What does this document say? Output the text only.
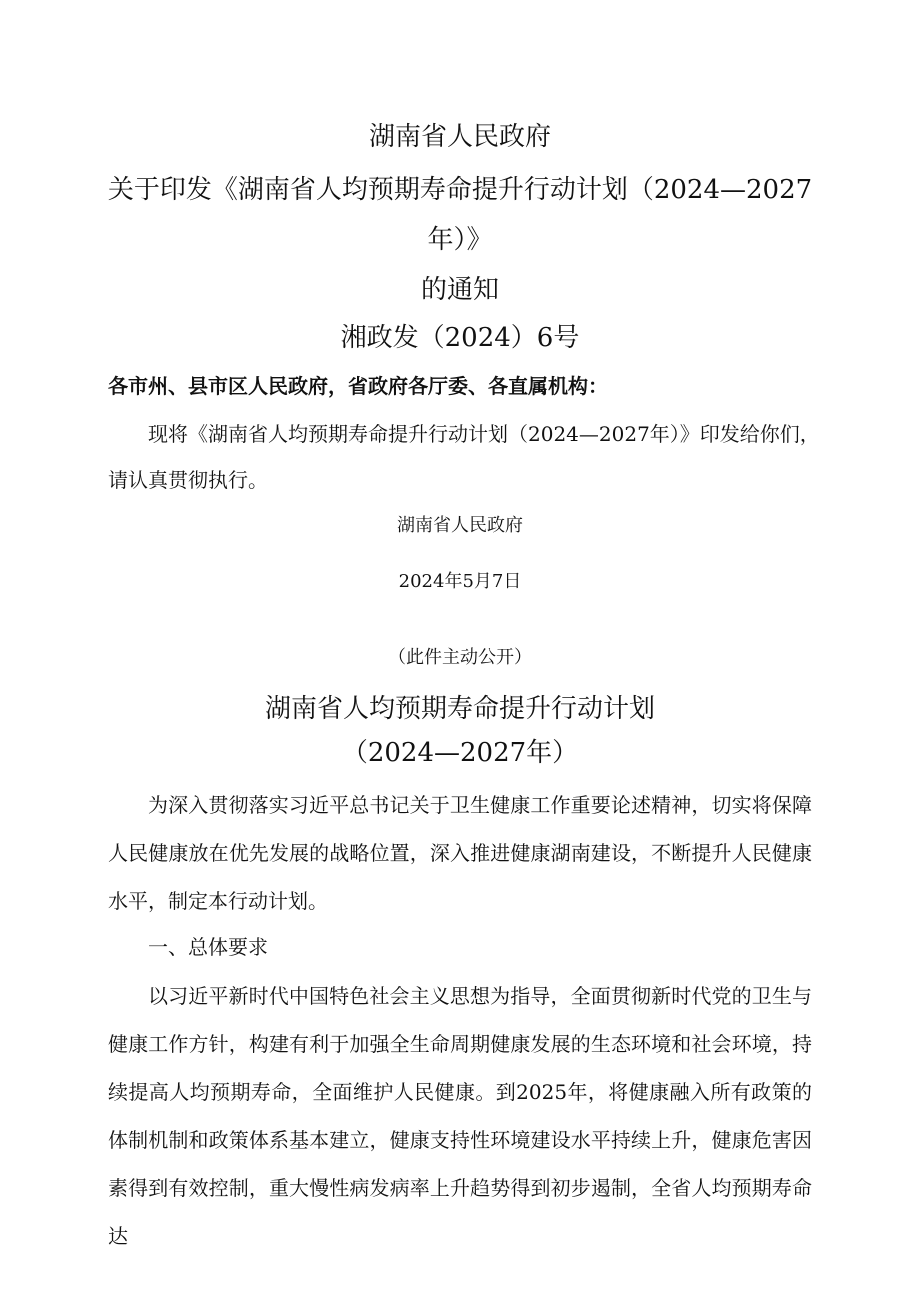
湖南省人民政府
关于印发《湖南省人均预期寿命提升行动计划（2024—2027
年）》
的通知
湘政发（2024）6号
各市州、县市区人民政府，省政府各厅委、各直属机构：
现将《湖南省人均预期寿命提升行动计划（2024—2027年）》印发给你们，
请认真贯彻执行。
湖南省人民政府
2024年5月7日
（此件主动公开）
湖南省人均预期寿命提升行动计划
（2024—2027年）

为深入贯彻落实习近平总书记关于卫生健康工作重要论述精神，切实将保障人民健康放在优先发展的战略位置，深入推进健康湖南建设，不断提升人民健康水平，制定本行动计划。

一、总体要求

以习近平新时代中国特色社会主义思想为指导，全面贯彻新时代党的卫生与健康工作方针，构建有利于加强全生命周期健康发展的生态环境和社会环境，持续提高人均预期寿命，全面维护人民健康。到2025年，将健康融入所有政策的体制机制和政策体系基本建立，健康支持性环境建设水平持续上升，健康危害因素得到有效控制，重大慢性病发病率上升趋势得到初步遏制，全省人均预期寿命达
